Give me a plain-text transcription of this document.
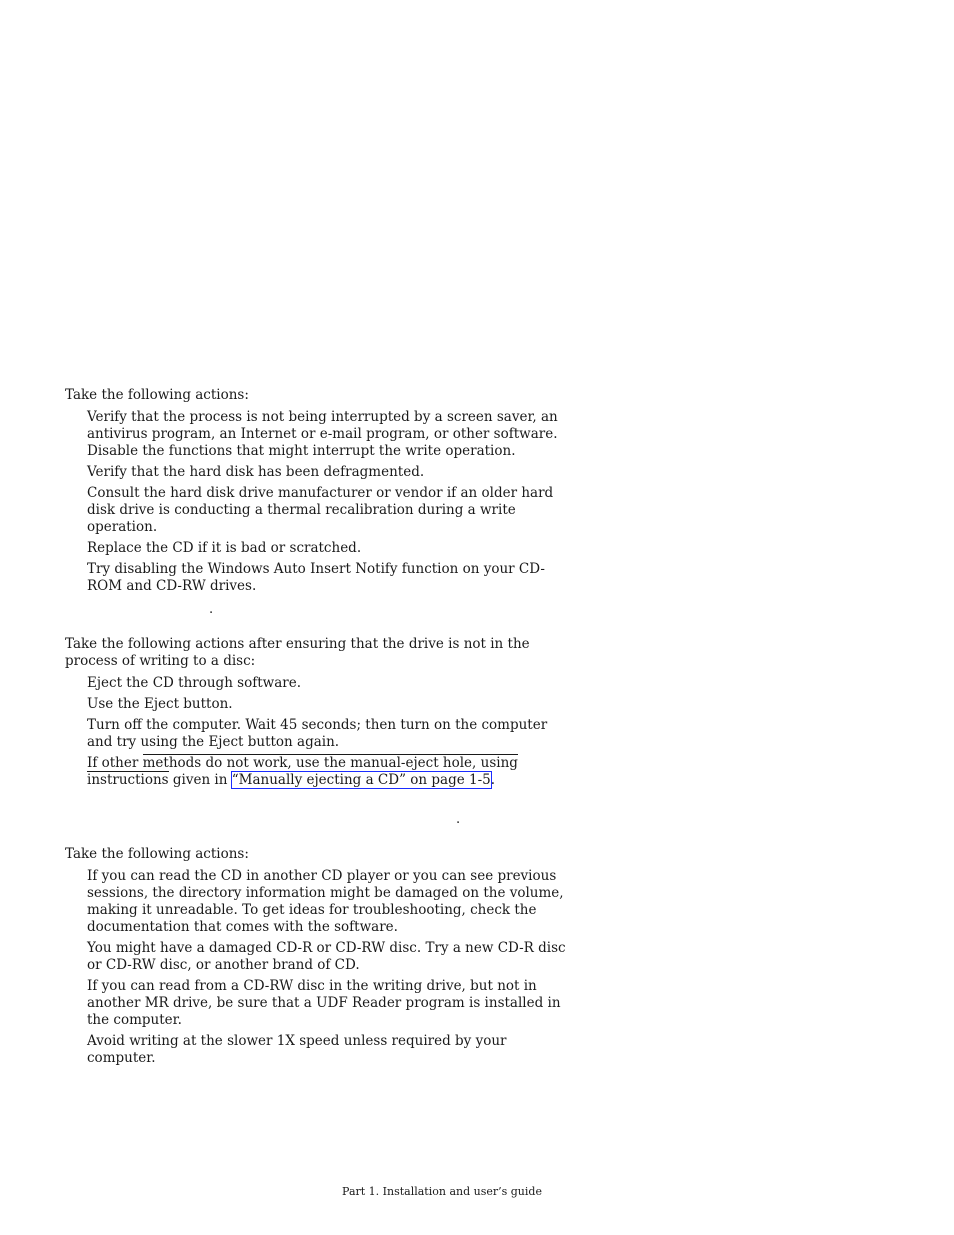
Take the following actions:

Verify that the process is not being interrupted by a screen saver, an antivirus program, an Internet or e-mail program, or other software. Disable the functions that might interrupt the write operation.
Verify that the hard disk has been defragmented.
Consult the hard disk drive manufacturer or vendor if an older hard disk drive is conducting a thermal recalibration during a write operation.
Replace the CD if it is bad or scratched.
Try disabling the Windows Auto Insert Notify function on your CD-ROM and CD-RW drives.
.

Take the following actions after ensuring that the drive is not in the process of writing to a disc:

Eject the CD through software.
Use the Eject button.
Turn off the computer. Wait 45 seconds; then turn on the computer and try using the Eject button again.
If other methods do not work, use the manual-eject hole, using instructions given in “Manually ejecting a CD” on page 1-5.
.

Take the following actions:

If you can read the CD in another CD player or you can see previous sessions, the directory information might be damaged on the volume, making it unreadable. To get ideas for troubleshooting, check the documentation that comes with the software.
You might have a damaged CD-R or CD-RW disc. Try a new CD-R disc or CD-RW disc, or another brand of CD.
If you can read from a CD-RW disc in the writing drive, but not in another MR drive, be sure that a UDF Reader program is installed in the computer.
Avoid writing at the slower 1X speed unless required by your computer.
Part 1. Installation and user’s guide
